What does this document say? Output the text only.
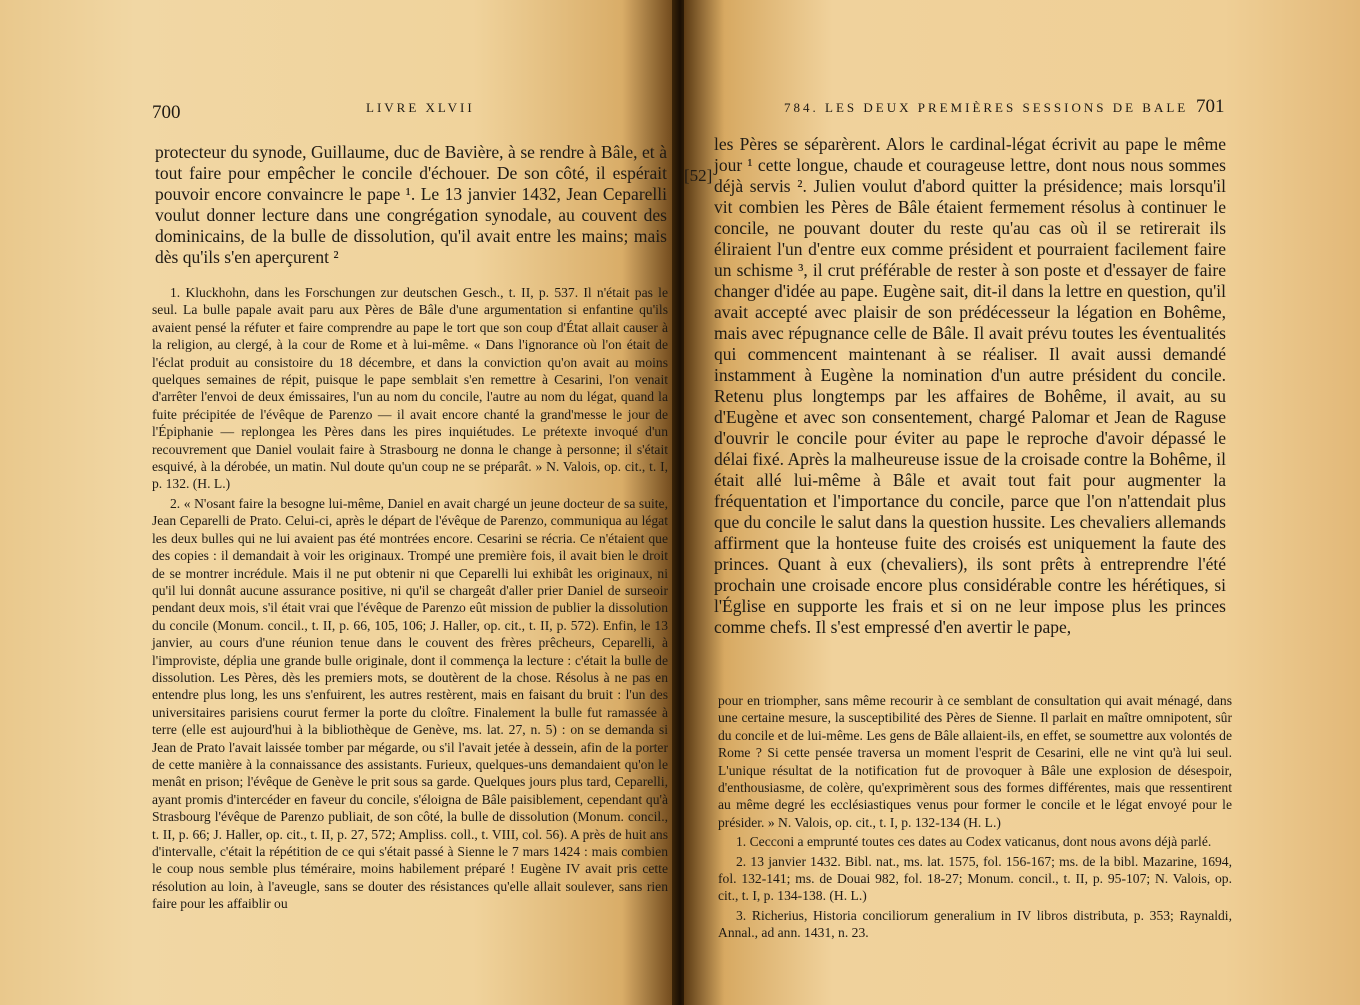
700	LIVRE XLVII

protecteur du synode, Guillaume, duc de Bavière, à se rendre à Bâle, et à tout faire pour empêcher le concile d'échouer. De son côté, il espérait pouvoir encore convaincre le pape ¹. Le 13 janvier 1432, Jean Ceparelli voulut donner lecture dans une congrégation synodale, au couvent des dominicains, de la bulle de dissolution, qu'il avait entre les mains; mais dès qu'ils s'en aperçurent ²

1. Kluckhohn, dans les Forschungen zur deutschen Gesch., t. II, p. 537. Il n'était pas le seul. La bulle papale avait paru aux Pères de Bâle d'une argumentation si enfantine qu'ils avaient pensé la réfuter et faire comprendre au pape le tort que son coup d'État allait causer à la religion, au clergé, à la cour de Rome et à lui-même. « Dans l'ignorance où l'on était de l'éclat produit au consistoire du 18 décembre, et dans la conviction qu'on avait au moins quelques semaines de répit, puisque le pape semblait s'en remettre à Cesarini, l'on venait d'arrêter l'envoi de deux émissaires, l'un au nom du concile, l'autre au nom du légat, quand la fuite précipitée de l'évêque de Parenzo — il avait encore chanté la grand'messe le jour de l'Épiphanie — replongea les Pères dans les pires inquiétudes. Le prétexte invoqué d'un recouvrement que Daniel voulait faire à Strasbourg ne donna le change à personne; il s'était esquivé, à la dérobée, un matin. Nul doute qu'un coup ne se préparât. » N. Valois, op. cit., t. I, p. 132. (H. L.)

2. « N'osant faire la besogne lui-même, Daniel en avait chargé un jeune docteur de sa suite, Jean Ceparelli de Prato. Celui-ci, après le départ de l'évêque de Parenzo, communiqua au légat les deux bulles qui ne lui avaient pas été montrées encore. Cesarini se récria. Ce n'étaient que des copies : il demandait à voir les originaux. Trompé une première fois, il avait bien le droit de se montrer incrédule. Mais il ne put obtenir ni que Ceparelli lui exhibât les originaux, ni qu'il lui donnât aucune assurance positive, ni qu'il se chargeât d'aller prier Daniel de surseoir pendant deux mois, s'il était vrai que l'évêque de Parenzo eût mission de publier la dissolution du concile (Monum. concil., t. II, p. 66, 105, 106; J. Haller, op. cit., t. II, p. 572). Enfin, le 13 janvier, au cours d'une réunion tenue dans le couvent des frères prêcheurs, Ceparelli, à l'improviste, déplia une grande bulle originale, dont il commença la lecture : c'était la bulle de dissolution. Les Pères, dès les premiers mots, se doutèrent de la chose. Résolus à ne pas en entendre plus long, les uns s'enfuirent, les autres restèrent, mais en faisant du bruit : l'un des universitaires parisiens courut fermer la porte du cloître. Finalement la bulle fut ramassée à terre (elle est aujourd'hui à la bibliothèque de Genève, ms. lat. 27, n. 5) : on se demanda si Jean de Prato l'avait laissée tomber par mégarde, ou s'il l'avait jetée à dessein, afin de la porter de cette manière à la connaissance des assistants. Furieux, quelques-uns demandaient qu'on le menât en prison; l'évêque de Genève le prit sous sa garde. Quelques jours plus tard, Ceparelli, ayant promis d'intercéder en faveur du concile, s'éloigna de Bâle paisiblement, cependant qu'à Strasbourg l'évêque de Parenzo publiait, de son côté, la bulle de dissolution (Monum. concil., t. II, p. 66; J. Haller, op. cit., t. II, p. 27, 572; Ampliss. coll., t. VIII, col. 56). A près de huit ans d'intervalle, c'était la répétition de ce qui s'était passé à Sienne le 7 mars 1424 : mais combien le coup nous semble plus téméraire, moins habilement préparé ! Eugène IV avait pris cette résolution au loin, à l'aveugle, sans se douter des résistances qu'elle allait soulever, sans rien faire pour les affaiblir ou

784. LES DEUX PREMIÈRES SESSIONS DE BALE 701
[52]

les Pères se séparèrent. Alors le cardinal-légat écrivit au pape le même jour ¹ cette longue, chaude et courageuse lettre, dont nous nous sommes déjà servis ². Julien voulut d'abord quitter la présidence; mais lorsqu'il vit combien les Pères de Bâle étaient fermement résolus à continuer le concile, ne pouvant douter du reste qu'au cas où il se retirerait ils éliraient l'un d'entre eux comme président et pourraient facilement faire un schisme ³, il crut préférable de rester à son poste et d'essayer de faire changer d'idée au pape. Eugène sait, dit-il dans la lettre en question, qu'il avait accepté avec plaisir de son prédécesseur la légation en Bohême, mais avec répugnance celle de Bâle. Il avait prévu toutes les éventualités qui commencent maintenant à se réaliser. Il avait aussi demandé instamment à Eugène la nomination d'un autre président du concile. Retenu plus longtemps par les affaires de Bohême, il avait, au su d'Eugène et avec son consentement, chargé Palomar et Jean de Raguse d'ouvrir le concile pour éviter au pape le reproche d'avoir dépassé le délai fixé. Après la malheureuse issue de la croisade contre la Bohême, il était allé lui-même à Bâle et avait tout fait pour augmenter la fréquentation et l'importance du concile, parce que l'on n'attendait plus que du concile le salut dans la question hussite. Les chevaliers allemands affirment que la honteuse fuite des croisés est uniquement la faute des princes. Quant à eux (chevaliers), ils sont prêts à entreprendre l'été prochain une croisade encore plus considérable contre les hérétiques, si l'Église en supporte les frais et si on ne leur impose plus les princes comme chefs. Il s'est empressé d'en avertir le pape,

pour en triompher, sans même recourir à ce semblant de consultation qui avait ménagé, dans une certaine mesure, la susceptibilité des Pères de Sienne. Il parlait en maître omnipotent, sûr du concile et de lui-même. Les gens de Bâle allaient-ils, en effet, se soumettre aux volontés de Rome ? Si cette pensée traversa un moment l'esprit de Cesarini, elle ne vint qu'à lui seul. L'unique résultat de la notification fut de provoquer à Bâle une explosion de désespoir, d'enthousiasme, de colère, qu'exprimèrent sous des formes différentes, mais que ressentirent au même degré les ecclésiastiques venus pour former le concile et le légat envoyé pour le présider. » N. Valois, op. cit., t. I, p. 132-134 (H. L.)

1. Cecconi a emprunté toutes ces dates au Codex vaticanus, dont nous avons déjà parlé.

2. 13 janvier 1432. Bibl. nat., ms. lat. 1575, fol. 156-167; ms. de la bibl. Mazarine, 1694, fol. 132-141; ms. de Douai 982, fol. 18-27; Monum. concil., t. II, p. 95-107; N. Valois, op. cit., t. I, p. 134-138. (H. L.)

3. Richerius, Historia conciliorum generalium in IV libros distributa, p. 353; Raynaldi, Annal., ad ann. 1431, n. 23.
